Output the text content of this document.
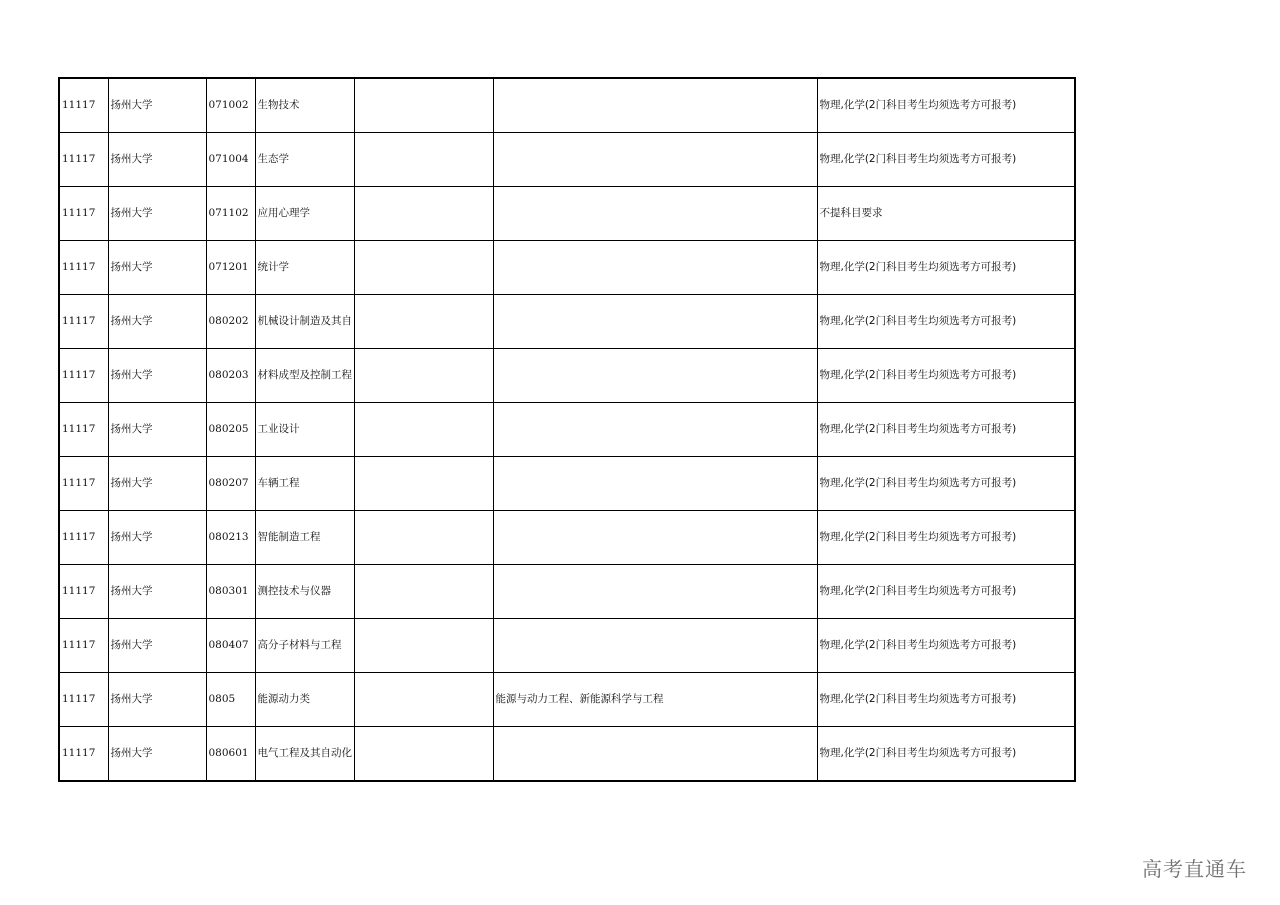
11117	扬州大学	071002	生物技术			物理,化学(2门科目考生均须选考方可报考)
11117	扬州大学	071004	生态学			物理,化学(2门科目考生均须选考方可报考)
11117	扬州大学	071102	应用心理学			不提科目要求
11117	扬州大学	071201	统计学			物理,化学(2门科目考生均须选考方可报考)
11117	扬州大学	080202	机械设计制造及其自			物理,化学(2门科目考生均须选考方可报考)
11117	扬州大学	080203	材料成型及控制工程			物理,化学(2门科目考生均须选考方可报考)
11117	扬州大学	080205	工业设计			物理,化学(2门科目考生均须选考方可报考)
11117	扬州大学	080207	车辆工程			物理,化学(2门科目考生均须选考方可报考)
11117	扬州大学	080213	智能制造工程			物理,化学(2门科目考生均须选考方可报考)
11117	扬州大学	080301	测控技术与仪器			物理,化学(2门科目考生均须选考方可报考)
11117	扬州大学	080407	高分子材料与工程			物理,化学(2门科目考生均须选考方可报考)
11117	扬州大学	0805	能源动力类		能源与动力工程、新能源科学与工程	物理,化学(2门科目考生均须选考方可报考)
11117	扬州大学	080601	电气工程及其自动化			物理,化学(2门科目考生均须选考方可报考)
高考直通车
